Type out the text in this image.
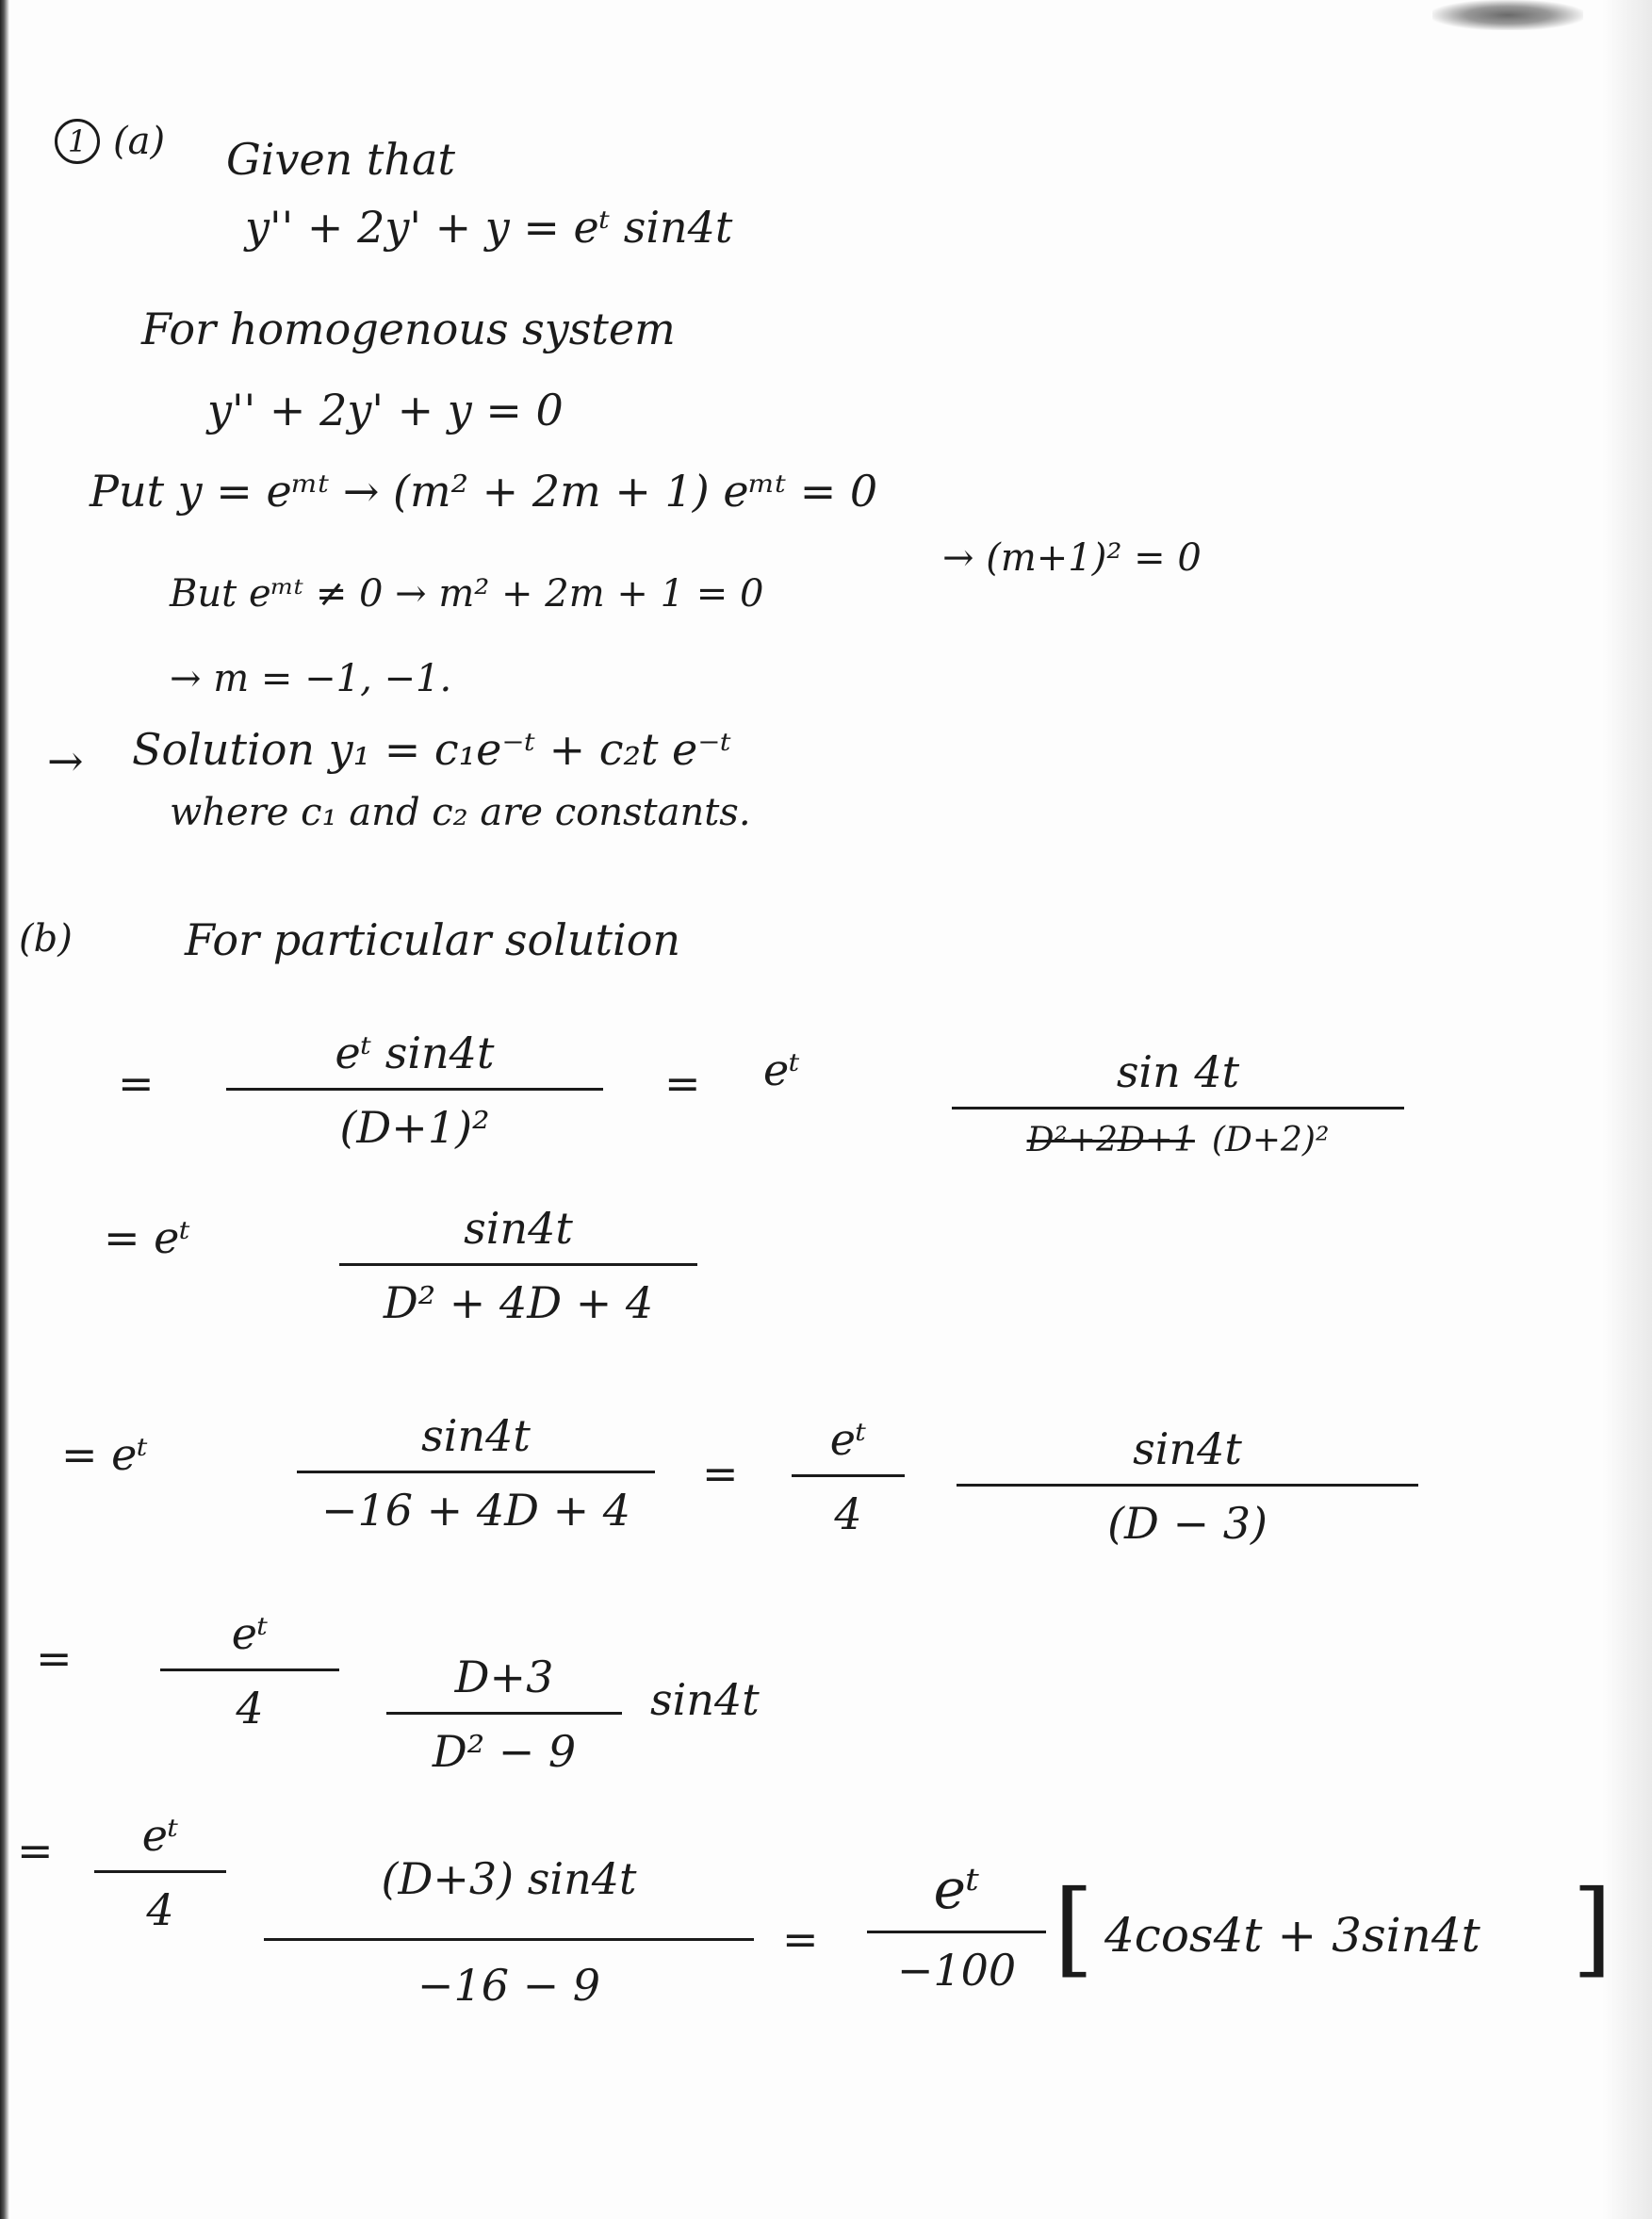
1 (a) Given that
y'' + 2y' + y = eᵗ sin4t
For homogenous system
y'' + 2y' + y = 0
Put y = eᵐᵗ → (m² + 2m + 1) eᵐᵗ = 0
But eᵐᵗ ≠ 0 → m² + 2m + 1 = 0
→ (m+1)² = 0
→ m = −1, −1.
→ Solution y₁ = c₁e⁻ᵗ + c₂t e⁻ᵗ
where c₁ and c₂ are constants.
(b)	For particular solution
=
eᵗ sin4t
(D+1)²
= eᵗ	sin 4t
D²+2D+1 (D+2)²
= eᵗ	sin4t
D² + 4D + 4
= eᵗ	sin4t
−16 + 4D + 4
=
eᵗ
4
sin4t
(D − 3)
=	eᵗ
4
D+3
D² − 9
sin4t
= eᵗ
4
(D+3) sin4t
−16 − 9
=
eᵗ
−100 [ 4cos4t + 3sin4t ]
